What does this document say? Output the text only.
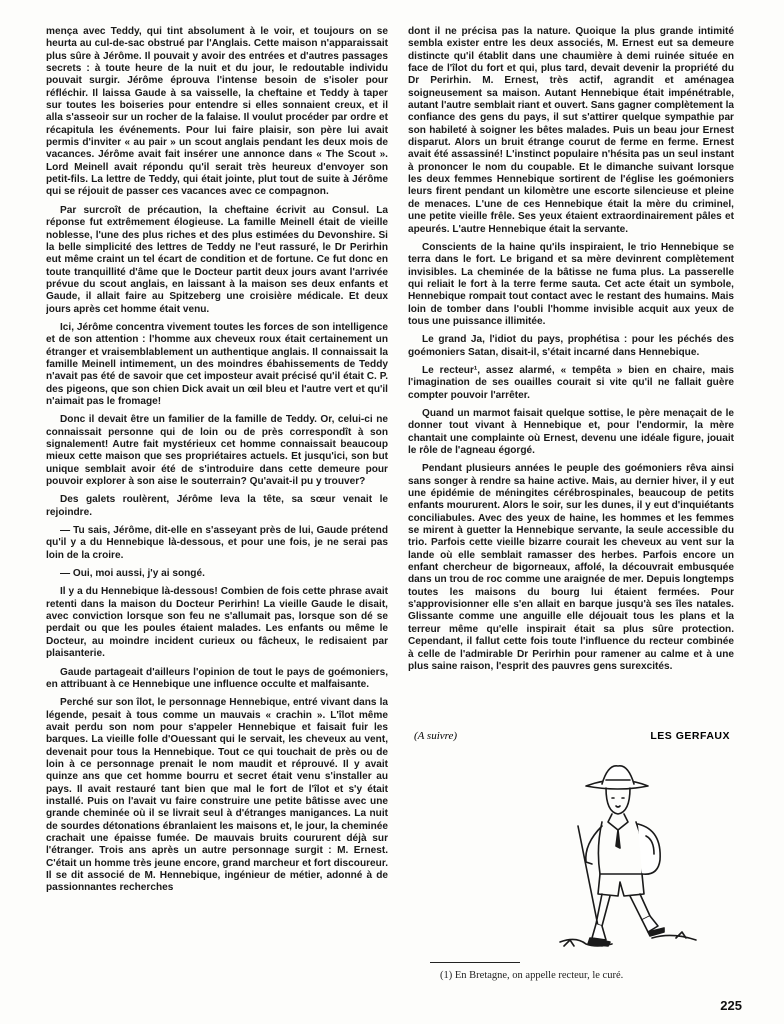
mença avec Teddy, qui tint absolument à le voir, et toujours on se heurta au cul-de-sac obstrué par l'Anglais. Cette maison n'apparaissait plus sûre à Jérôme. Il pouvait y avoir des entrées et d'autres passages secrets : à toute heure de la nuit et du jour, le redoutable individu pouvait surgir. Jérôme éprouva l'intense besoin de s'isoler pour réfléchir. Il laissa Gaude à sa vaisselle, la cheftaine et Teddy à taper sur toutes les boiseries pour entendre si elles sonnaient creux, et il alla s'asseoir sur un rocher de la falaise. Il voulut procéder par ordre et récapitula les événements. Pour lui faire plaisir, son père lui avait permis d'inviter « au pair » un scout anglais pendant les deux mois de vacances. Jérôme avait fait insérer une annonce dans « The Scout ». Lord Meinell avait répondu qu'il serait très heureux d'envoyer son petit-fils. La lettre de Teddy, qui était jointe, plut tout de suite à Jérôme qui se réjouit de passer ces vacances avec ce compagnon.

Par surcroît de précaution, la cheftaine écrivit au Consul. La réponse fut extrêmement élogieuse. La famille Meinell était de vieille noblesse, l'une des plus riches et des plus estimées du Devonshire. Si la belle simplicité des lettres de Teddy ne l'eut rassuré, le Dr Perirhin eut même craint un tel écart de condition et de fortune. Ce fut donc en toute tranquillité d'âme que le Docteur partit deux jours avant l'arrivée prévue du scout anglais, en laissant à la maison ses deux enfants et Gaude, il allait faire au Spitzeberg une croisière médicale. Et deux jours après cet homme était venu.

Ici, Jérôme concentra vivement toutes les forces de son intelligence et de son attention : l'homme aux cheveux roux était certainement un étranger et vraisemblablement un authentique anglais. Il connaissait la famille Meinell intimement, un des moindres ébahissements de Teddy n'avait pas été de savoir que cet imposteur avait précisé qu'il était C. P. des pigeons, que son chien Dick avait un œil bleu et l'autre vert et qu'il n'aimait pas le fromage!

Donc il devait être un familier de la famille de Teddy. Or, celui-ci ne connaissait personne qui de loin ou de près correspondît à son signalement! Autre fait mystérieux cet homme connaissait beaucoup mieux cette maison que ses propriétaires actuels. Et jusqu'ici, son but unique semblait avoir été de s'introduire dans cette demeure pour pouvoir explorer à son aise le souterrain? Qu'avait-il pu y trouver?

Des galets roulèrent, Jérôme leva la tête, sa sœur venait le rejoindre.

— Tu sais, Jérôme, dit-elle en s'asseyant près de lui, Gaude prétend qu'il y a du Hennebique là-dessous, et pour une fois, je ne serai pas loin de la croire.

— Oui, moi aussi, j'y ai songé.

Il y a du Hennebique là-dessous! Combien de fois cette phrase avait retenti dans la maison du Docteur Perirhin! La vieille Gaude le disait, avec conviction lorsque son feu ne s'allumait pas, lorsque son dé se perdait ou que les poules étaient malades. Les enfants ou même le Docteur, au moindre incident curieux ou fâcheux, le redisaient par plaisanterie.

Gaude partageait d'ailleurs l'opinion de tout le pays de goémoniers, en attribuant à ce Hennebique une influence occulte et malfaisante.

Perché sur son îlot, le personnage Hennebique, entré vivant dans la légende, pesait à tous comme un mauvais « crachin ». L'îlot même avait perdu son nom pour s'appeler Hennebique et faisait fuir les barques. La vieille folle d'Ouessant qui le servait, les cheveux au vent, devenait pour tous la Hennebique. Tout ce qui touchait de près ou de loin à ce personnage prenait le nom maudit et réprouvé. Il y avait quinze ans que cet homme bourru et secret était venu s'installer au pays. Il avait restauré tant bien que mal le fort de l'îlot et s'y était installé. Puis on l'avait vu faire construire une petite bâtisse avec une grande cheminée où il se livrait seul à d'étranges manigances. La nuit de sourdes détonations ébranlaient les maisons et, le jour, la cheminée crachait une épaisse fumée. De mauvais bruits coururent déjà sur l'étranger. Trois ans après un autre personnage surgit : M. Ernest. C'était un homme très jeune encore, grand marcheur et fort discoureur. Il se dit associé de M. Hennebique, ingénieur de métier, adonné à de passionnantes recherches

dont il ne précisa pas la nature. Quoique la plus grande intimité sembla exister entre les deux associés, M. Ernest eut sa demeure distincte qu'il établit dans une chaumière à demi ruinée située en face de l'îlot du fort et qui, plus tard, devait devenir la propriété du Dr Perirhin. M. Ernest, très actif, agrandit et aménagea soigneusement sa maison. Autant Hennebique était impénétrable, autant l'autre semblait riant et ouvert. Sans gagner complètement la confiance des gens du pays, il sut s'attirer quelque sympathie par son habileté à soigner les bêtes malades. Puis un beau jour Ernest disparut. Alors un bruit étrange courut de ferme en ferme. Ernest avait été assassiné! L'instinct populaire n'hésita pas un seul instant à prononcer le nom du coupable. Et le dimanche suivant lorsque les deux femmes Hennebique sortirent de l'église les goémoniers leurs firent pendant un kilomètre une escorte silencieuse et pleine de menaces. L'une de ces Hennebique était la mère du criminel, une petite vieille frêle. Ses yeux étaient extraordinairement pâles et apeurés. L'autre Hennebique était la servante.

Conscients de la haine qu'ils inspiraient, le trio Hennebique se terra dans le fort. Le brigand et sa mère devinrent complètement invisibles. La cheminée de la bâtisse ne fuma plus. La passerelle qui reliait le fort à la terre ferme sauta. Cet acte était un symbole, Hennebique rompait tout contact avec le restant des humains. Mais loin de tomber dans l'oubli l'homme invisible acquit aux yeux de tous une puissance illimitée.

Le grand Ja, l'idiot du pays, prophétisa : pour les péchés des goémoniers Satan, disait-il, s'était incarné dans Hennebique.

Le recteur¹, assez alarmé, « tempêta » bien en chaire, mais l'imagination de ses ouailles courait si vite qu'il ne fallait guère compter pouvoir l'arrêter.

Quand un marmot faisait quelque sottise, le père menaçait de le donner tout vivant à Hennebique et, pour l'endormir, la mère chantait une complainte où Ernest, devenu une idéale figure, jouait le rôle de l'agneau égorgé.

Pendant plusieurs années le peuple des goémoniers rêva ainsi sans songer à rendre sa haine active. Mais, au dernier hiver, il y eut une épidémie de méningites cérébrospinales, beaucoup de petits enfants moururent. Alors le soir, sur les dunes, il y eut d'inquiétants conciliabules. Avec des yeux de haine, les hommes et les femmes se mirent à guetter la Hennebique servante, la seule accessible du trio. Parfois cette vieille bizarre courait les cheveux au vent sur la lande où elle semblait ramasser des herbes. Parfois encore un enfant chercheur de bigorneaux, affolé, la découvrait embusquée dans un trou de roc comme une araignée de mer. Depuis longtemps toutes les maisons du bourg lui étaient fermées. Pour s'approvisionner elle s'en allait en barque jusqu'à ses îles natales. Glissante comme une anguille elle déjouait tous les plans et la terreur même qu'elle inspirait était sa plus sûre protection. Cependant, il fallut cette fois toute l'influence du recteur combinée à celle de l'admirable Dr Perirhin pour ramener au calme et à une plus saine raison, l'esprit des pauvres gens surexcités.

(A suivre)	LES GERFAUX
(1) En Bretagne, on appelle recteur, le curé.
225
